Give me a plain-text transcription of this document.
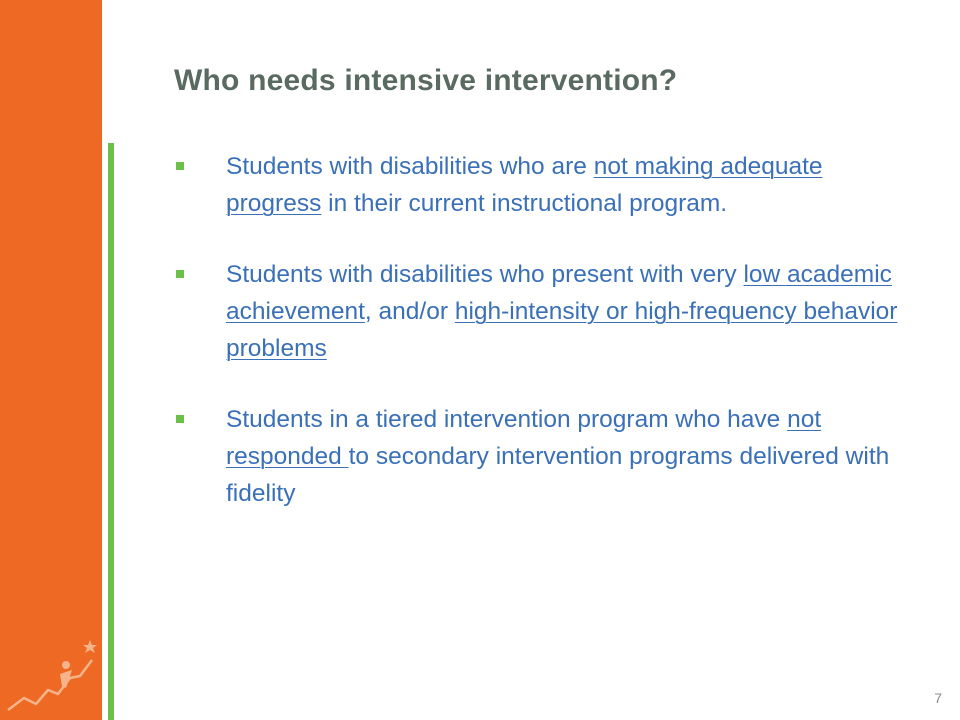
Who needs intensive intervention?
Students with disabilities who are not making adequate progress in their current instructional program.
Students with disabilities who present with very low academic achievement, and/or high-intensity or high-frequency behavior problems
Students in a tiered intervention program who have not responded to secondary intervention programs delivered with fidelity
7
